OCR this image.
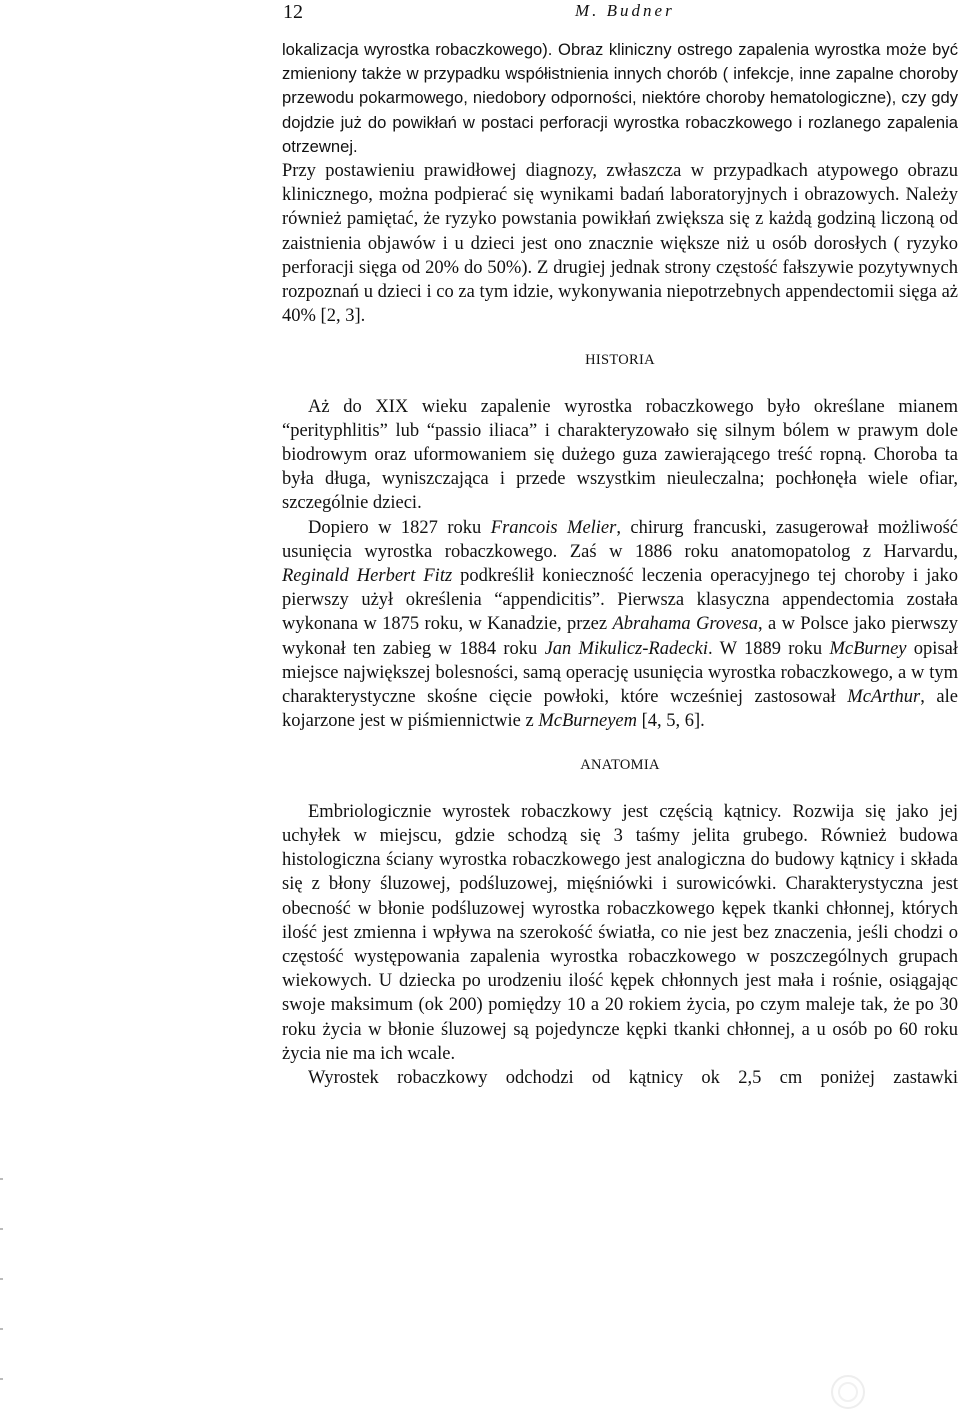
12	M. Budner

lokalizacja wyrostka robaczkowego). Obraz kliniczny ostrego zapalenia wyrostka może być zmieniony także w przypadku współistnienia innych chorób ( infekcje, inne zapalne choroby przewodu pokarmowego, niedobory odporności, niektóre choroby hematologiczne), czy gdy dojdzie już do powikłań w postaci perforacji wyrostka robaczkowego i rozlanego zapalenia otrzewnej.

Przy postawieniu prawidłowej diagnozy, zwłaszcza w przypadkach atypowego obrazu klinicznego, można podpierać się wynikami badań laboratoryjnych i obrazowych. Należy również pamiętać, że ryzyko powstania powikłań zwiększa się z każdą godziną liczoną od zaistnienia objawów i u dzieci jest ono znacznie większe niż u osób dorosłych ( ryzyko perforacji sięga od 20% do 50%). Z drugiej jednak strony częstość fałszywie pozytywnych rozpoznań u dzieci i co za tym idzie, wykonywania niepotrzebnych appendectomii sięga aż 40% [2, 3].

HISTORIA

Aż do XIX wieku zapalenie wyrostka robaczkowego było określane mianem “perityphlitis” lub “passio iliaca” i charakteryzowało się silnym bólem w prawym dole biodrowym oraz uformowaniem się dużego guza zawierającego treść ropną. Choroba ta była długa, wyniszczająca i przede wszystkim nieuleczalna; pochłonęła wiele ofiar, szczególnie dzieci.

Dopiero w 1827 roku Francois Melier, chirurg francuski, zasugerował możliwość usunięcia wyrostka robaczkowego. Zaś w 1886 roku anatomopatolog z Harvardu, Reginald Herbert Fitz podkreślił konieczność leczenia operacyjnego tej choroby i jako pierwszy użył określenia “appendicitis”. Pierwsza klasyczna appendectomia została wykonana w 1875 roku, w Kanadzie, przez Abrahama Grovesa, a w Polsce jako pierwszy wykonał ten zabieg w 1884 roku Jan Mikulicz-Radecki. W 1889 roku McBurney opisał miejsce największej bolesności, samą operację usunięcia wyrostka robaczkowego, a w tym charakterystyczne skośne cięcie powłoki, które wcześniej zastosował McArthur, ale kojarzone jest w piśmiennictwie z McBurneyem [4, 5, 6].

ANATOMIA

Embriologicznie wyrostek robaczkowy jest częścią kątnicy. Rozwija się jako jej uchyłek w miejscu, gdzie schodzą się 3 taśmy jelita grubego. Również budowa histologiczna ściany wyrostka robaczkowego jest analogiczna do budowy kątnicy i składa się z błony śluzowej, podśluzowej, mięśniówki i surowicówki. Charakterystyczna jest obecność w błonie podśluzowej wyrostka robaczkowego kępek tkanki chłonnej, których ilość jest zmienna i wpływa na szerokość światła, co nie jest bez znaczenia, jeśli chodzi o częstość występowania zapalenia wyrostka robaczkowego w poszczególnych grupach wiekowych. U dziecka po urodzeniu ilość kępek chłonnych jest mała i rośnie, osiągając swoje maksimum (ok 200) pomiędzy 10 a 20 rokiem życia, po czym maleje tak, że po 30 roku życia w błonie śluzowej są pojedyncze kępki tkanki chłonnej, a u osób po 60 roku życia nie ma ich wcale.

Wyrostek robaczkowy odchodzi od kątnicy ok 2,5 cm poniżej zastawki
